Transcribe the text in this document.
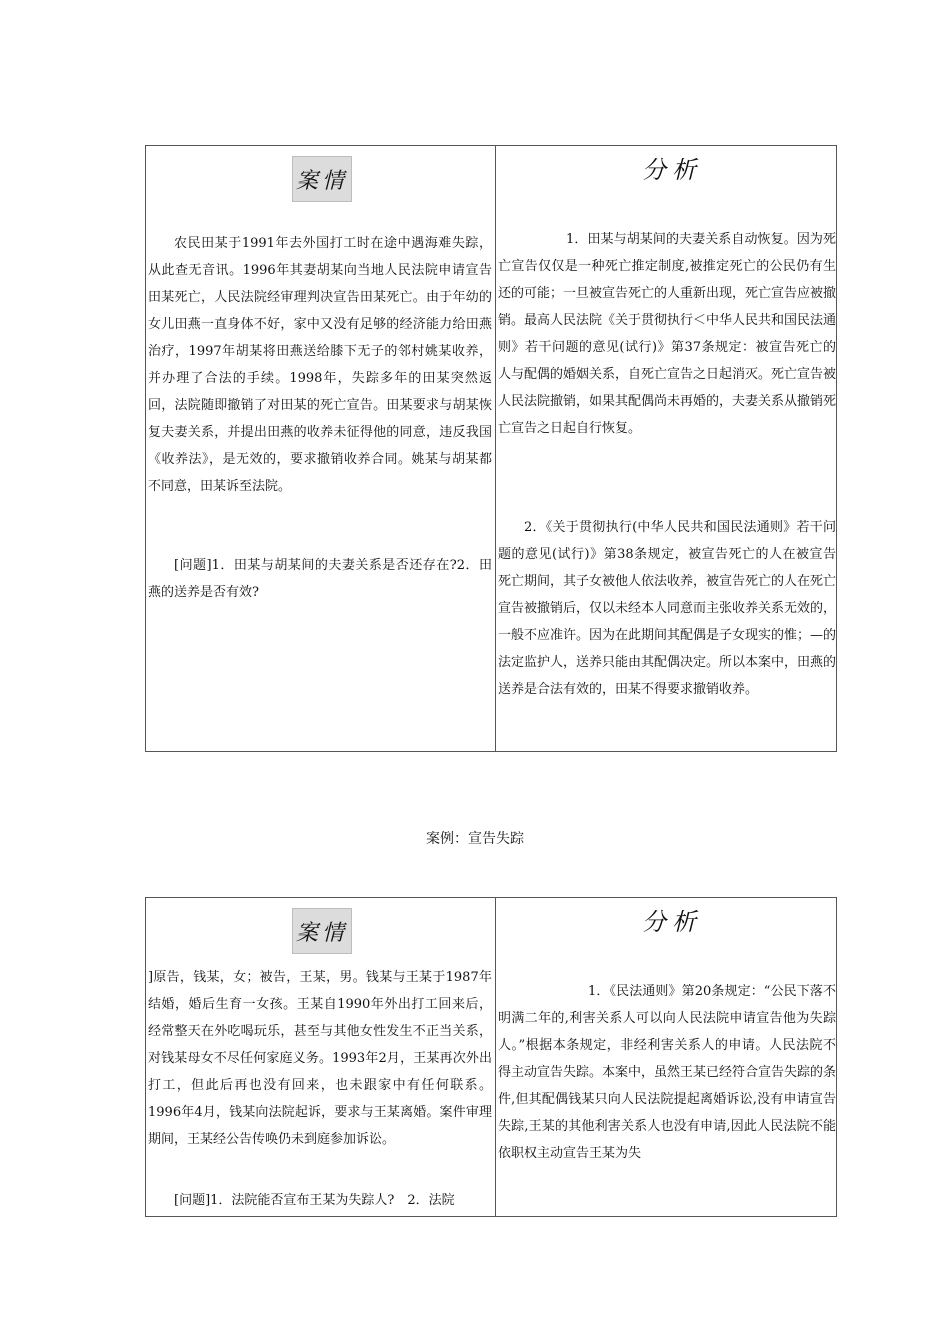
案情

农民田某于1991年去外国打工时在途中遇海难失踪，从此查无音讯。1996年其妻胡某向当地人民法院申请宣告田某死亡，人民法院经审理判决宣告田某死亡。由于年幼的女儿田燕一直身体不好，家中又没有足够的经济能力给田燕治疗，1997年胡某将田燕送给膝下无子的邻村姚某收养，并办理了合法的手续。1998年，失踪多年的田某突然返回，法院随即撤销了对田某的死亡宣告。田某要求与胡某恢复夫妻关系，并提出田燕的收养未征得他的同意，违反我国《收养法》，是无效的，要求撤销收养合同。姚某与胡某都不同意，田某诉至法院。

[问题]1．田某与胡某间的夫妻关系是否还存在?2．田燕的送养是否有效?

分析

1．田某与胡某间的夫妻关系自动恢复。因为死亡宣告仅仅是一种死亡推定制度,被推定死亡的公民仍有生还的可能；一旦被宣告死亡的人重新出现，死亡宣告应被撤销。最高人民法院《关于贯彻执行＜中华人民共和国民法通则》若干问题的意见(试行)》第37条规定：被宣告死亡的人与配偶的婚姻关系，自死亡宣告之日起消灭。死亡宣告被人民法院撤销，如果其配偶尚未再婚的，夫妻关系从撤销死亡宣告之日起自行恢复。

2．《关于贯彻执行(中华人民共和国民法通则》若干问题的意见(试行)》第38条规定，被宣告死亡的人在被宣告死亡期间，其子女被他人依法收养，被宣告死亡的人在死亡宣告被撤销后，仅以未经本人同意而主张收养关系无效的，一般不应准许。因为在此期间其配偶是子女现实的惟；—的法定监护人，送养只能由其配偶决定。所以本案中，田燕的送养是合法有效的，田某不得要求撤销收养。

案例：宣告失踪
案情

]原告，钱某，女；被告，王某，男。钱某与王某于1987年结婚，婚后生育一女孩。王某自1990年外出打工回来后，经常整天在外吃喝玩乐，甚至与其他女性发生不正当关系，对钱某母女不尽任何家庭义务。1993年2月，王某再次外出打工，但此后再也没有回来，也未跟家中有任何联系。1996年4月，钱某向法院起诉，要求与王某离婚。案件审理期间，王某经公告传唤仍未到庭参加诉讼。

[问题]1．法院能否宣布王某为失踪人?　2．法院

分析

1．《民法通则》第20条规定：“公民下落不明满二年的,利害关系人可以向人民法院申请宣告他为失踪人。”根据本条规定，非经利害关系人的申请。人民法院不得主动宣告失踪。本案中，虽然王某已经符合宣告失踪的条件,但其配偶钱某只向人民法院提起离婚诉讼,没有申请宣告失踪,王某的其他利害关系人也没有申请,因此人民法院不能依职权主动宣告王某为失
